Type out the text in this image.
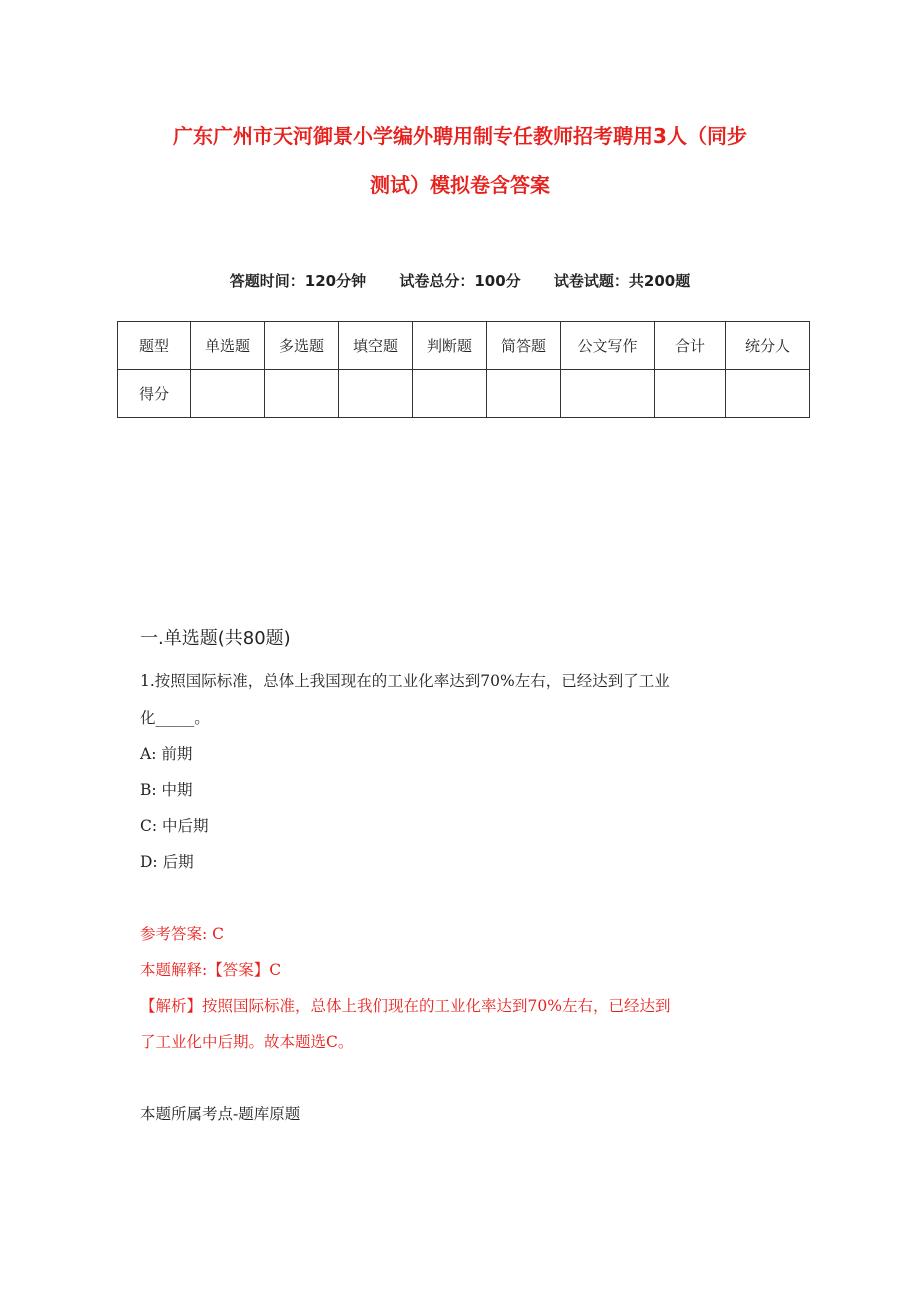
广东广州市天河御景小学编外聘用制专任教师招考聘用3人（同步
测试）模拟卷含答案
答题时间：120分钟 试卷总分：100分 试卷试题：共200题
题型	单选题	多选题	填空题	判断题	简答题	公文写作	合计	统分人
得分								
一.单选题(共80题)
1.按照国际标准，总体上我国现在的工业化率达到70%左右，已经达到了工业
化_____。
A: 前期
B: 中期
C: 中后期
D: 后期
参考答案: C
本题解释:【答案】C
【解析】按照国际标准，总体上我们现在的工业化率达到70%左右，已经达到
了工业化中后期。故本题选C。
本题所属考点-题库原题
